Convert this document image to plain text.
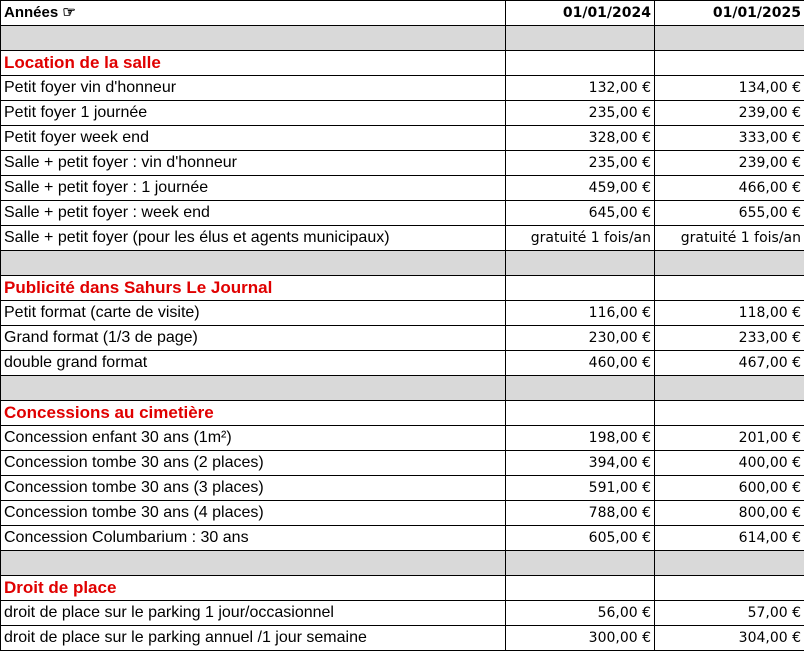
Années ☞	01/01/2024	01/01/2025

Location de la salle		
Petit foyer vin d'honneur	132,00 €	134,00 €
Petit foyer 1 journée	235,00 €	239,00 €
Petit foyer week end	328,00 €	333,00 €
Salle + petit foyer : vin d'honneur	235,00 €	239,00 €
Salle + petit foyer : 1 journée	459,00 €	466,00 €
Salle + petit foyer : week end	645,00 €	655,00 €
Salle + petit foyer (pour les élus et agents municipaux)	gratuité 1 fois/an	gratuité 1 fois/an

Publicité dans Sahurs Le Journal		
Petit format (carte de visite)	116,00 €	118,00 €
Grand format (1/3 de page)	230,00 €	233,00 €
double grand format	460,00 €	467,00 €

Concessions au cimetière		
Concession enfant 30 ans (1m²)	198,00 €	201,00 €
Concession tombe 30 ans (2 places)	394,00 €	400,00 €
Concession tombe 30 ans (3 places)	591,00 €	600,00 €
Concession tombe 30 ans (4 places)	788,00 €	800,00 €
Concession Columbarium : 30 ans	605,00 €	614,00 €

Droit de place		
droit de place sur le parking 1 jour/occasionnel	56,00 €	57,00 €
droit de place sur le parking annuel /1 jour semaine	300,00 €	304,00 €
